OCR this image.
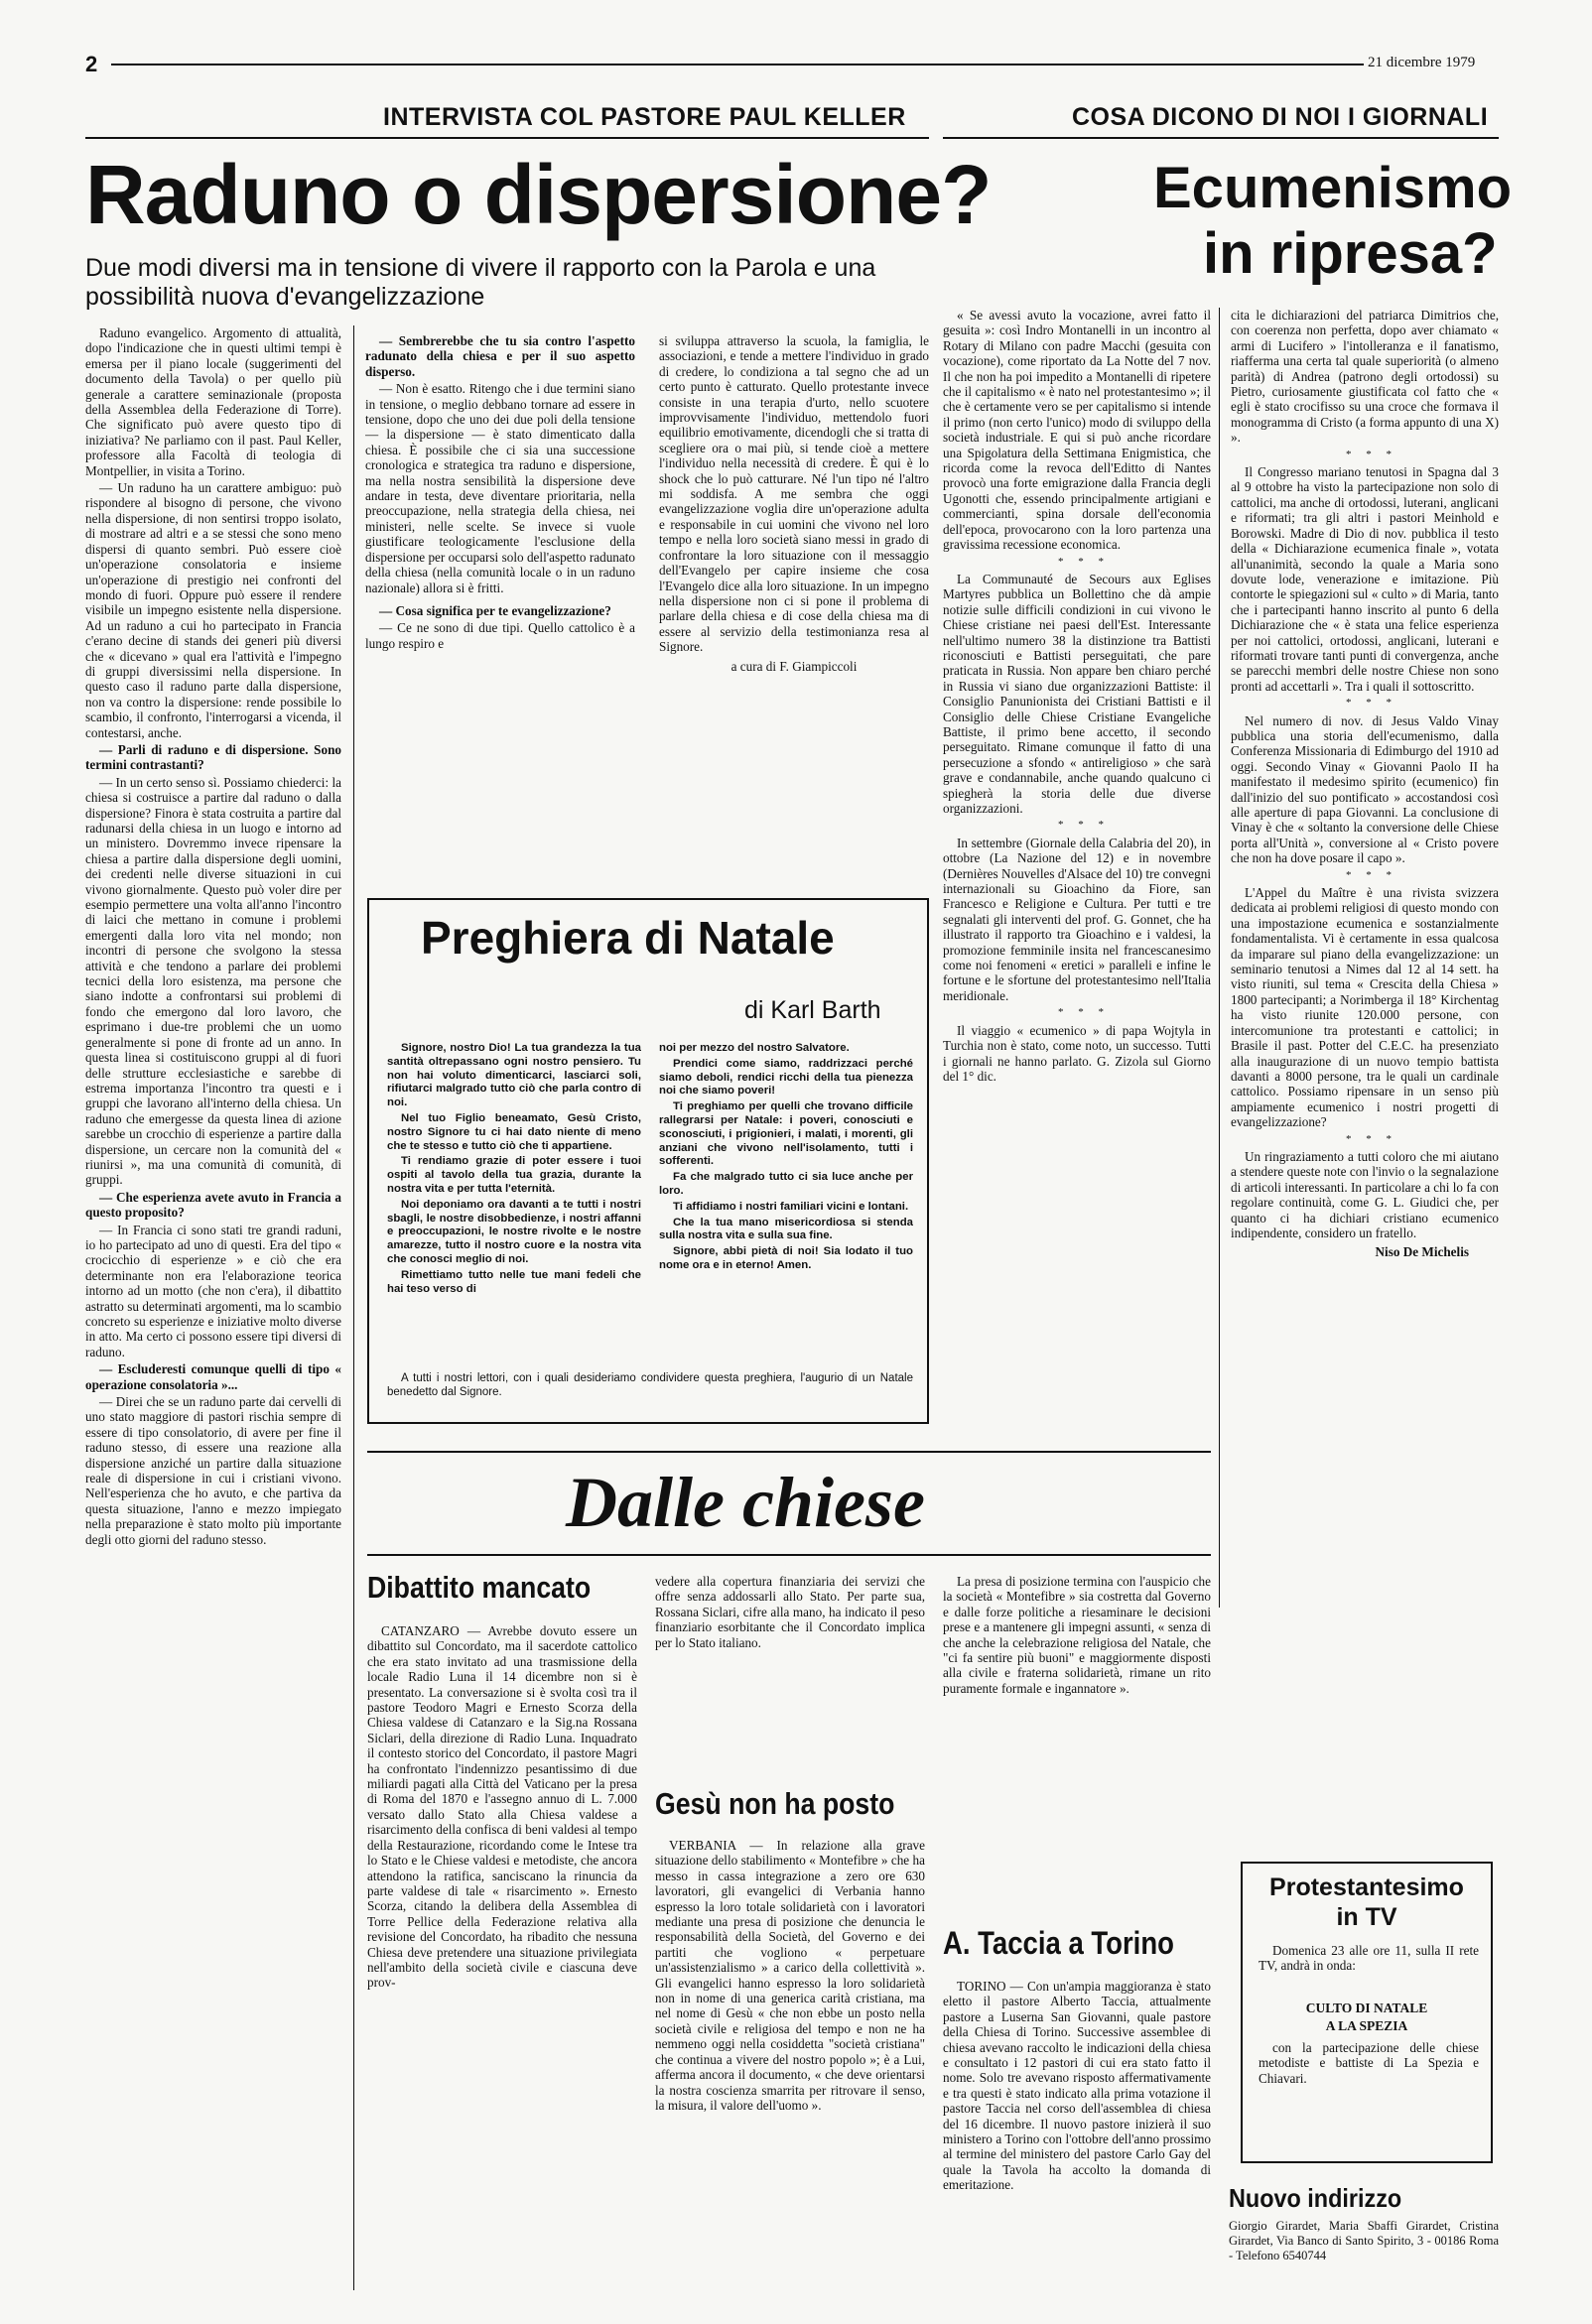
2	21 dicembre 1979
INTERVISTA COL PASTORE PAUL KELLER
Raduno o dispersione?
Due modi diversi ma in tensione di vivere il rapporto con la Parola e una possibilità nuova d'evangelizzazione

Raduno evangelico. Argomento di attualità, dopo l'indicazione che in questi ultimi tempi è emersa per il piano locale (suggerimenti del documento della Tavola) o per quello più generale a carattere seminazionale (proposta della Assemblea della Federazione di Torre). Che significato può avere questo tipo di iniziativa? Ne parliamo con il past. Paul Keller, professore alla Facoltà di teologia di Montpellier, in visita a Torino.

— Un raduno ha un carattere ambiguo: può rispondere al bisogno di persone, che vivono nella dispersione, di non sentirsi troppo isolato, di mostrare ad altri e a se stessi che sono meno dispersi di quanto sembri. Può essere cioè un'operazione consolatoria e insieme un'operazione di prestigio nei confronti del mondo di fuori. Oppure può essere il rendere visibile un impegno esistente nella dispersione. Ad un raduno a cui ho partecipato in Francia c'erano decine di stands dei generi più diversi che « dicevano » qual era l'attività e l'impegno di gruppi diversissimi nella dispersione. In questo caso il raduno parte dalla dispersione, non va contro la dispersione: rende possibile lo scambio, il confronto, l'interrogarsi a vicenda, il contestarsi, anche.

— Parli di raduno e di dispersione. Sono termini contrastanti?

— In un certo senso sì. Possiamo chiederci: la chiesa si costruisce a partire dal raduno o dalla dispersione? Finora è stata costruita a partire dal radunarsi della chiesa in un luogo e intorno ad un ministero. Dovremmo invece ripensare la chiesa a partire dalla dispersione degli uomini, dei credenti nelle diverse situazioni in cui vivono giornalmente. Questo può voler dire per esempio permettere una volta all'anno l'incontro di laici che mettano in comune i problemi emergenti dalla loro vita nel mondo; non incontri di persone che svolgono la stessa attività e che tendono a parlare dei problemi tecnici della loro esistenza, ma persone che siano indotte a confrontarsi sui problemi di fondo che emergono dal loro lavoro, che esprimano i due-tre problemi che un uomo generalmente si pone di fronte ad un anno. In questa linea si costituiscono gruppi al di fuori delle strutture ecclesiastiche e sarebbe di estrema importanza l'incontro tra questi e i gruppi che lavorano all'interno della chiesa. Un raduno che emergesse da questa linea di azione sarebbe un crocchio di esperienze a partire dalla dispersione, un cercare non la comunità del « riunirsi », ma una comunità di comunità, di gruppi.

— Che esperienza avete avuto in Francia a questo proposito?

— In Francia ci sono stati tre grandi raduni, io ho partecipato ad uno di questi. Era del tipo « crocicchio di esperienze » e ciò che era determinante non era l'elaborazione teorica intorno ad un motto (che non c'era), il dibattito astratto su determinati argomenti, ma lo scambio concreto su esperienze e iniziative molto diverse in atto. Ma certo ci possono essere tipi diversi di raduno.

— Escluderesti comunque quelli di tipo « operazione consolatoria »...

— Direi che se un raduno parte dai cervelli di uno stato maggiore di pastori rischia sempre di essere di tipo consolatorio, di avere per fine il raduno stesso, di essere una reazione alla dispersione anziché un partire dalla situazione reale di dispersione in cui i cristiani vivono. Nell'esperienza che ho avuto, e che partiva da questa situazione, l'anno e mezzo impiegato nella preparazione è stato molto più importante degli otto giorni del raduno stesso.

— Sembrerebbe che tu sia contro l'aspetto radunato della chiesa e per il suo aspetto disperso.

— Non è esatto. Ritengo che i due termini siano in tensione, o meglio debbano tornare ad essere in tensione, dopo che uno dei due poli della tensione — la dispersione — è stato dimenticato dalla chiesa. È possibile che ci sia una successione cronologica e strategica tra raduno e dispersione, ma nella nostra sensibilità la dispersione deve andare in testa, deve diventare prioritaria, nella preoccupazione, nella strategia della chiesa, nei ministeri, nelle scelte. Se invece si vuole giustificare teologicamente l'esclusione della dispersione per occuparsi solo dell'aspetto radunato della chiesa (nella comunità locale o in un raduno nazionale) allora si è fritti.

— Cosa significa per te evangelizzazione?

— Ce ne sono di due tipi. Quello cattolico è a lungo respiro e

si sviluppa attraverso la scuola, la famiglia, le associazioni, e tende a mettere l'individuo in grado di credere, lo condiziona a tal segno che ad un certo punto è catturato. Quello protestante invece consiste in una terapia d'urto, nello scuotere improvvisamente l'individuo, mettendolo fuori equilibrio emotivamente, dicendogli che si tratta di scegliere ora o mai più, si tende cioè a mettere l'individuo nella necessità di credere. È qui è lo shock che lo può catturare. Né l'un tipo né l'altro mi soddisfa. A me sembra che oggi evangelizzazione voglia dire un'operazione adulta e responsabile in cui uomini che vivono nel loro tempo e nella loro società siano messi in grado di confrontare la loro situazione con il messaggio dell'Evangelo per capire insieme che cosa l'Evangelo dice alla loro situazione. In un impegno nella dispersione non ci si pone il problema di parlare della chiesa e di cose della chiesa ma di essere al servizio della testimonianza resa al Signore.

a cura di F. Giampiccoli

Preghiera di Natale
di Karl Barth

Signore, nostro Dio! La tua grandezza la tua santità oltrepassano ogni nostro pensiero. Tu non hai voluto dimenticarci, lasciarci soli, rifiutarci malgrado tutto ciò che parla contro di noi.

Nel tuo Figlio beneamato, Gesù Cristo, nostro Signore tu ci hai dato niente di meno che te stesso e tutto ciò che ti appartiene.

Ti rendiamo grazie di poter essere i tuoi ospiti al tavolo della tua grazia, durante la nostra vita e per tutta l'eternità.

Noi deponiamo ora davanti a te tutti i nostri sbagli, le nostre disobbedienze, i nostri affanni e preoccupazioni, le nostre rivolte e le nostre amarezze, tutto il nostro cuore e la nostra vita che conosci meglio di noi.

Rimettiamo tutto nelle tue mani fedeli che hai teso verso di

noi per mezzo del nostro Salvatore.

Prendici come siamo, raddrizzaci perché siamo deboli, rendici ricchi della tua pienezza noi che siamo poveri!

Ti preghiamo per quelli che trovano difficile rallegrarsi per Natale: i poveri, conosciuti e sconosciuti, i prigionieri, i malati, i morenti, gli anziani che vivono nell'isolamento, tutti i sofferenti.

Fa che malgrado tutto ci sia luce anche per loro.

Ti affidiamo i nostri familiari vicini e lontani.

Che la tua mano misericordiosa si stenda sulla nostra vita e sulla sua fine.

Signore, abbi pietà di noi! Sia lodato il tuo nome ora e in eterno! Amen.

A tutti i nostri lettori, con i quali desideriamo condividere questa preghiera, l'augurio di un Natale benedetto dal Signore.
COSA DICONO DI NOI I GIORNALI
Ecumenismo
in ripresa?

« Se avessi avuto la vocazione, avrei fatto il gesuita »: così Indro Montanelli in un incontro al Rotary di Milano con padre Macchi (gesuita con vocazione), come riportato da La Notte del 7 nov. Il che non ha poi impedito a Montanelli di ripetere che il capitalismo « è nato nel protestantesimo »; il che è certamente vero se per capitalismo si intende il primo (non certo l'unico) modo di sviluppo della società industriale. E qui si può anche ricordare una Spigolatura della Settimana Enigmistica, che ricorda come la revoca dell'Editto di Nantes provocò una forte emigrazione dalla Francia degli Ugonotti che, essendo principalmente artigiani e commercianti, spina dorsale dell'economia dell'epoca, provocarono con la loro partenza una gravissima recessione economica.

* * *

La Communauté de Secours aux Eglises Martyres pubblica un Bollettino che dà ampie notizie sulle difficili condizioni in cui vivono le Chiese cristiane nei paesi dell'Est. Interessante nell'ultimo numero 38 la distinzione tra Battisti riconosciuti e Battisti perseguitati, che pare praticata in Russia. Non appare ben chiaro perché in Russia vi siano due organizzazioni Battiste: il Consiglio Panunionista dei Cristiani Battisti e il Consiglio delle Chiese Cristiane Evangeliche Battiste, il primo bene accetto, il secondo perseguitato. Rimane comunque il fatto di una persecuzione a sfondo « antireligioso » che sarà grave e condannabile, anche quando qualcuno ci spiegherà la storia delle due diverse organizzazioni.

* * *

In settembre (Giornale della Calabria del 20), in ottobre (La Nazione del 12) e in novembre (Dernières Nouvelles d'Alsace del 10) tre convegni internazionali su Gioachino da Fiore, san Francesco e Religione e Cultura. Per tutti e tre segnalati gli interventi del prof. G. Gonnet, che ha illustrato il rapporto tra Gioachino e i valdesi, la promozione femminile insita nel francescanesimo come noi fenomeni « eretici » paralleli e infine le fortune e le sfortune del protestantesimo nell'Italia meridionale.

* * *

Il viaggio « ecumenico » di papa Wojtyla in Turchia non è stato, come noto, un successo. Tutti i giornali ne hanno parlato. G. Zizola sul Giorno del 1° dic.

cita le dichiarazioni del patriarca Dimitrios che, con coerenza non perfetta, dopo aver chiamato « armi di Lucifero » l'intolleranza e il fanatismo, riafferma una certa tal quale superiorità (o almeno parità) di Andrea (patrono degli ortodossi) su Pietro, curiosamente giustificata col fatto che « egli è stato crocifisso su una croce che formava il monogramma di Cristo (a forma appunto di una X) ».

* * *

Il Congresso mariano tenutosi in Spagna dal 3 al 9 ottobre ha visto la partecipazione non solo di cattolici, ma anche di ortodossi, luterani, anglicani e riformati; tra gli altri i pastori Meinhold e Borowski. Madre di Dio di nov. pubblica il testo della « Dichiarazione ecumenica finale », votata all'unanimità, secondo la quale a Maria sono dovute lode, venerazione e imitazione. Più contorte le spiegazioni sul « culto » di Maria, tanto che i partecipanti hanno inscrito al punto 6 della Dichiarazione che « è stata una felice esperienza per noi cattolici, ortodossi, anglicani, luterani e riformati trovare tanti punti di convergenza, anche se parecchi membri delle nostre Chiese non sono pronti ad accettarli ». Tra i quali il sottoscritto.

* * *

Nel numero di nov. di Jesus Valdo Vinay pubblica una storia dell'ecumenismo, dalla Conferenza Missionaria di Edimburgo del 1910 ad oggi. Secondo Vinay « Giovanni Paolo II ha manifestato il medesimo spirito (ecumenico) fin dall'inizio del suo pontificato » accostandosi così alle aperture di papa Giovanni. La conclusione di Vinay è che « soltanto la conversione delle Chiese porta all'Unità », conversione al « Cristo povere che non ha dove posare il capo ».

* * *

L'Appel du Maître è una rivista svizzera dedicata ai problemi religiosi di questo mondo con una impostazione ecumenica e sostanzialmente fondamentalista. Vi è certamente in essa qualcosa da imparare sul piano della evangelizzazione: un seminario tenutosi a Nimes dal 12 al 14 sett. ha visto riuniti, sul tema « Crescita della Chiesa » 1800 partecipanti; a Norimberga il 18° Kirchentag ha visto riunite 120.000 persone, con intercomunione tra protestanti e cattolici; in Brasile il past. Potter del C.E.C. ha presenziato alla inaugurazione di un nuovo tempio battista davanti a 8000 persone, tra le quali un cardinale cattolico. Possiamo ripensare in un senso più ampiamente ecumenico i nostri progetti di evangelizzazione?

* * *

Un ringraziamento a tutti coloro che mi aiutano a stendere queste note con l'invio o la segnalazione di articoli interessanti. In particolare a chi lo fa con regolare continuità, come G. L. Giudici che, per quanto ci ha dichiari cristiano ecumenico indipendente, considero un fratello.

Niso De Michelis

Dalle chiese
Dibattito mancato

CATANZARO — Avrebbe dovuto essere un dibattito sul Concordato, ma il sacerdote cattolico che era stato invitato ad una trasmissione della locale Radio Luna il 14 dicembre non si è presentato. La conversazione si è svolta così tra il pastore Teodoro Magri e Ernesto Scorza della Chiesa valdese di Catanzaro e la Sig.na Rossana Siclari, della direzione di Radio Luna. Inquadrato il contesto storico del Concordato, il pastore Magri ha confrontato l'indennizzo pesantissimo di due miliardi pagati alla Città del Vaticano per la presa di Roma del 1870 e l'assegno annuo di L. 7.000 versato dallo Stato alla Chiesa valdese a risarcimento della confisca di beni valdesi al tempo della Restaurazione, ricordando come le Intese tra lo Stato e le Chiese valdesi e metodiste, che ancora attendono la ratifica, sanciscano la rinuncia da parte valdese di tale « risarcimento ». Ernesto Scorza, citando la delibera della Assemblea di Torre Pellice della Federazione relativa alla revisione del Concordato, ha ribadito che nessuna Chiesa deve pretendere una situazione privilegiata nell'ambito della società civile e ciascuna deve prov-

vedere alla copertura finanziaria dei servizi che offre senza addossarli allo Stato. Per parte sua, Rossana Siclari, cifre alla mano, ha indicato il peso finanziario esorbitante che il Concordato implica per lo Stato italiano.

Gesù non ha posto

VERBANIA — In relazione alla grave situazione dello stabilimento « Montefibre » che ha messo in cassa integrazione a zero ore 630 lavoratori, gli evangelici di Verbania hanno espresso la loro totale solidarietà con i lavoratori mediante una presa di posizione che denuncia le responsabilità della Società, del Governo e dei partiti che vogliono « perpetuare un'assistenzialismo » a carico della collettività ». Gli evangelici hanno espresso la loro solidarietà non in nome di una generica carità cristiana, ma nel nome di Gesù « che non ebbe un posto nella società civile e religiosa del tempo e non ne ha nemmeno oggi nella cosiddetta "società cristiana" che continua a vivere del nostro popolo »; è a Lui, afferma ancora il documento, « che deve orientarsi la nostra coscienza smarrita per ritrovare il senso, la misura, il valore dell'uomo ».

La presa di posizione termina con l'auspicio che la società « Montefibre » sia costretta dal Governo e dalle forze politiche a riesaminare le decisioni prese e a mantenere gli impegni assunti, « senza di che anche la celebrazione religiosa del Natale, che "ci fa sentire più buoni" e maggiormente disposti alla civile e fraterna solidarietà, rimane un rito puramente formale e ingannatore ».

A. Taccia a Torino

TORINO — Con un'ampia maggioranza è stato eletto il pastore Alberto Taccia, attualmente pastore a Luserna San Giovanni, quale pastore della Chiesa di Torino. Successive assemblee di chiesa avevano raccolto le indicazioni della chiesa e consultato i 12 pastori di cui era stato fatto il nome. Solo tre avevano risposto affermativamente e tra questi è stato indicato alla prima votazione il pastore Taccia nel corso dell'assemblea di chiesa del 16 dicembre. Il nuovo pastore inizierà il suo ministero a Torino con l'ottobre dell'anno prossimo al termine del ministero del pastore Carlo Gay del quale la Tavola ha accolto la domanda di emeritazione.

Protestantesimo
in TV
Domenica 23 alle ore 11, sulla II rete TV, andrà in onda:
CULTO DI NATALE
A LA SPEZIA
con la partecipazione delle chiese metodiste e battiste di La Spezia e Chiavari.
Nuovo indirizzo
Giorgio Girardet, Maria Sbaffi Girardet, Cristina Girardet, Via Banco di Santo Spirito, 3 - 00186 Roma - Telefono 6540744
